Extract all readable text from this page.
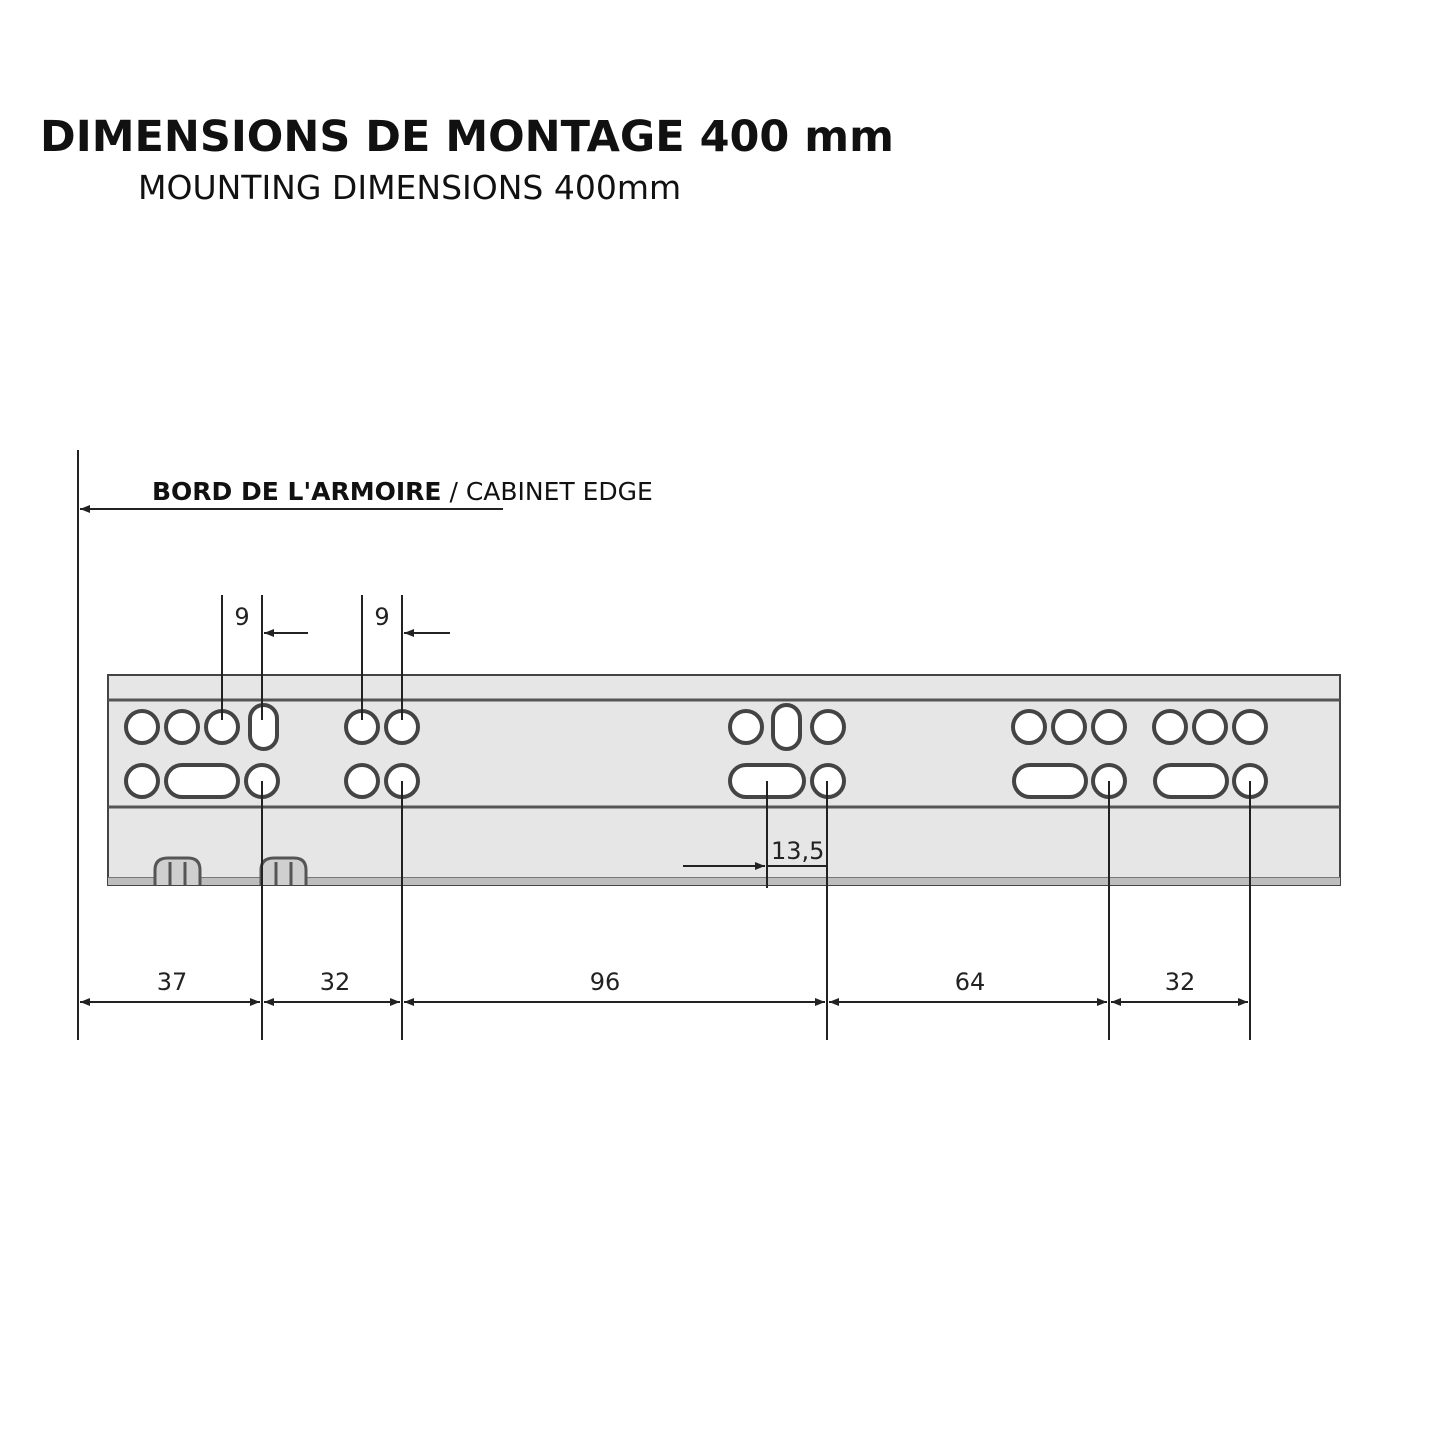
DIMENSIONS DE MONTAGE 400 mm
MOUNTING DIMENSIONS 400mm
BORD DE L'ARMOIRE / CABINET EDGE
9	9
13,5
37	32	96	64	32
